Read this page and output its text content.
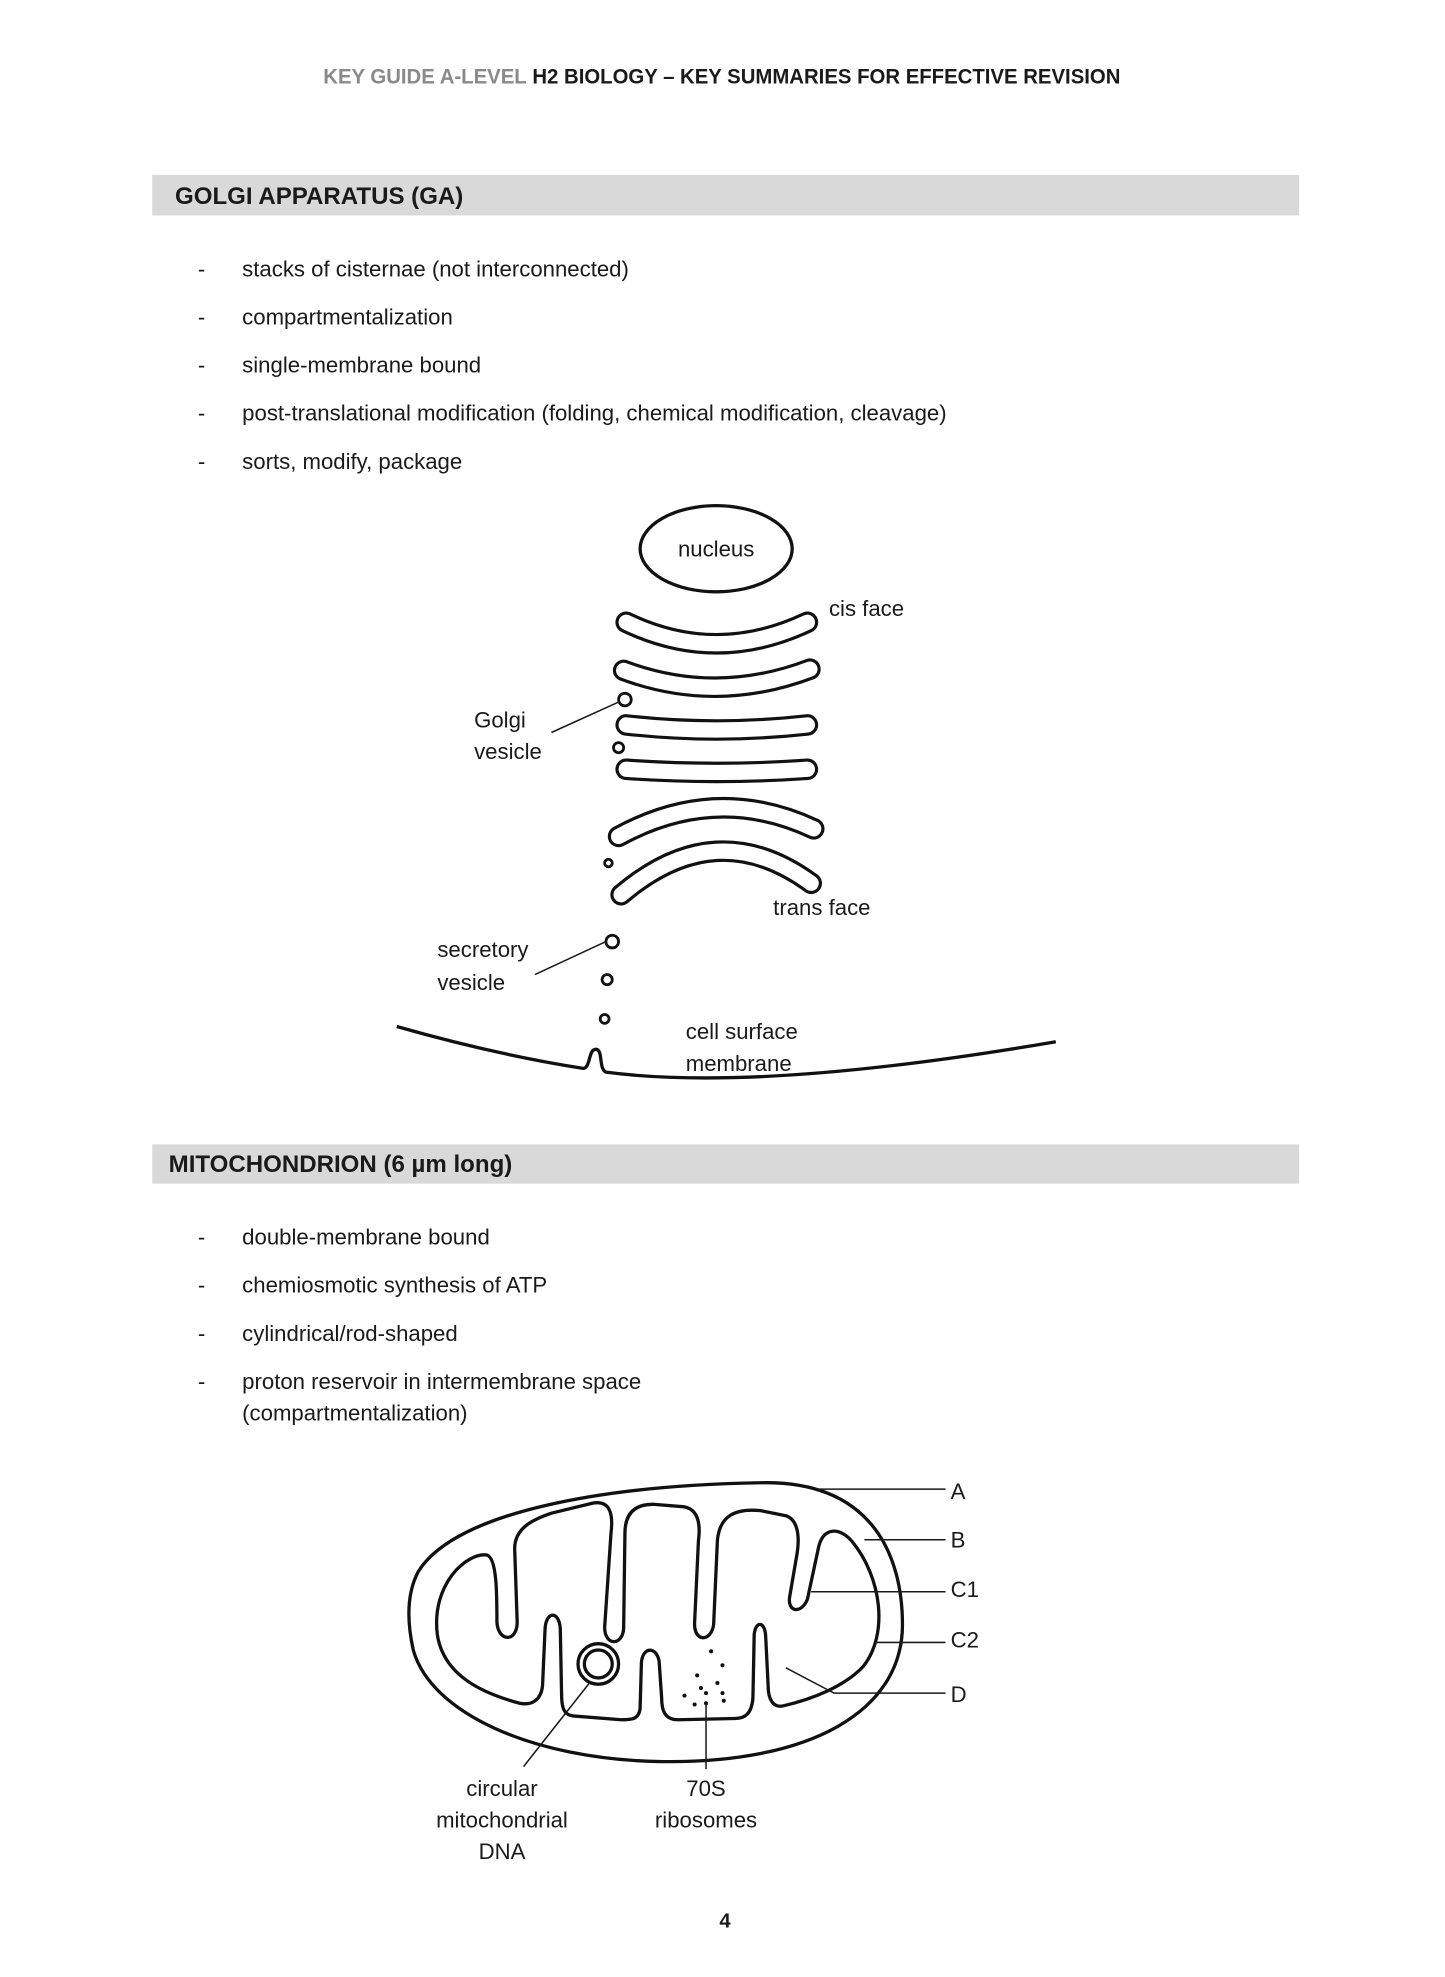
KEY GUIDE A-LEVEL H2 BIOLOGY – KEY SUMMARIES FOR EFFECTIVE REVISION
GOLGI APPARATUS (GA)
- stacks of cisternae (not interconnected)
- compartmentalization
- single-membrane bound
- post-translational modification (folding, chemical modification, cleavage)
- sorts, modify, package
nucleus
cis face
Golgi
vesicle
trans face
secretory
vesicle
cell surface
membrane
MITOCHONDRION (6 µm long)
- double-membrane bound
- chemiosmotic synthesis of ATP
- cylindrical/rod-shaped
- proton reservoir in intermembrane space
(compartmentalization)
A
B
C1
C2
D
circular
mitochondrial
DNA
70S
ribosomes
4
